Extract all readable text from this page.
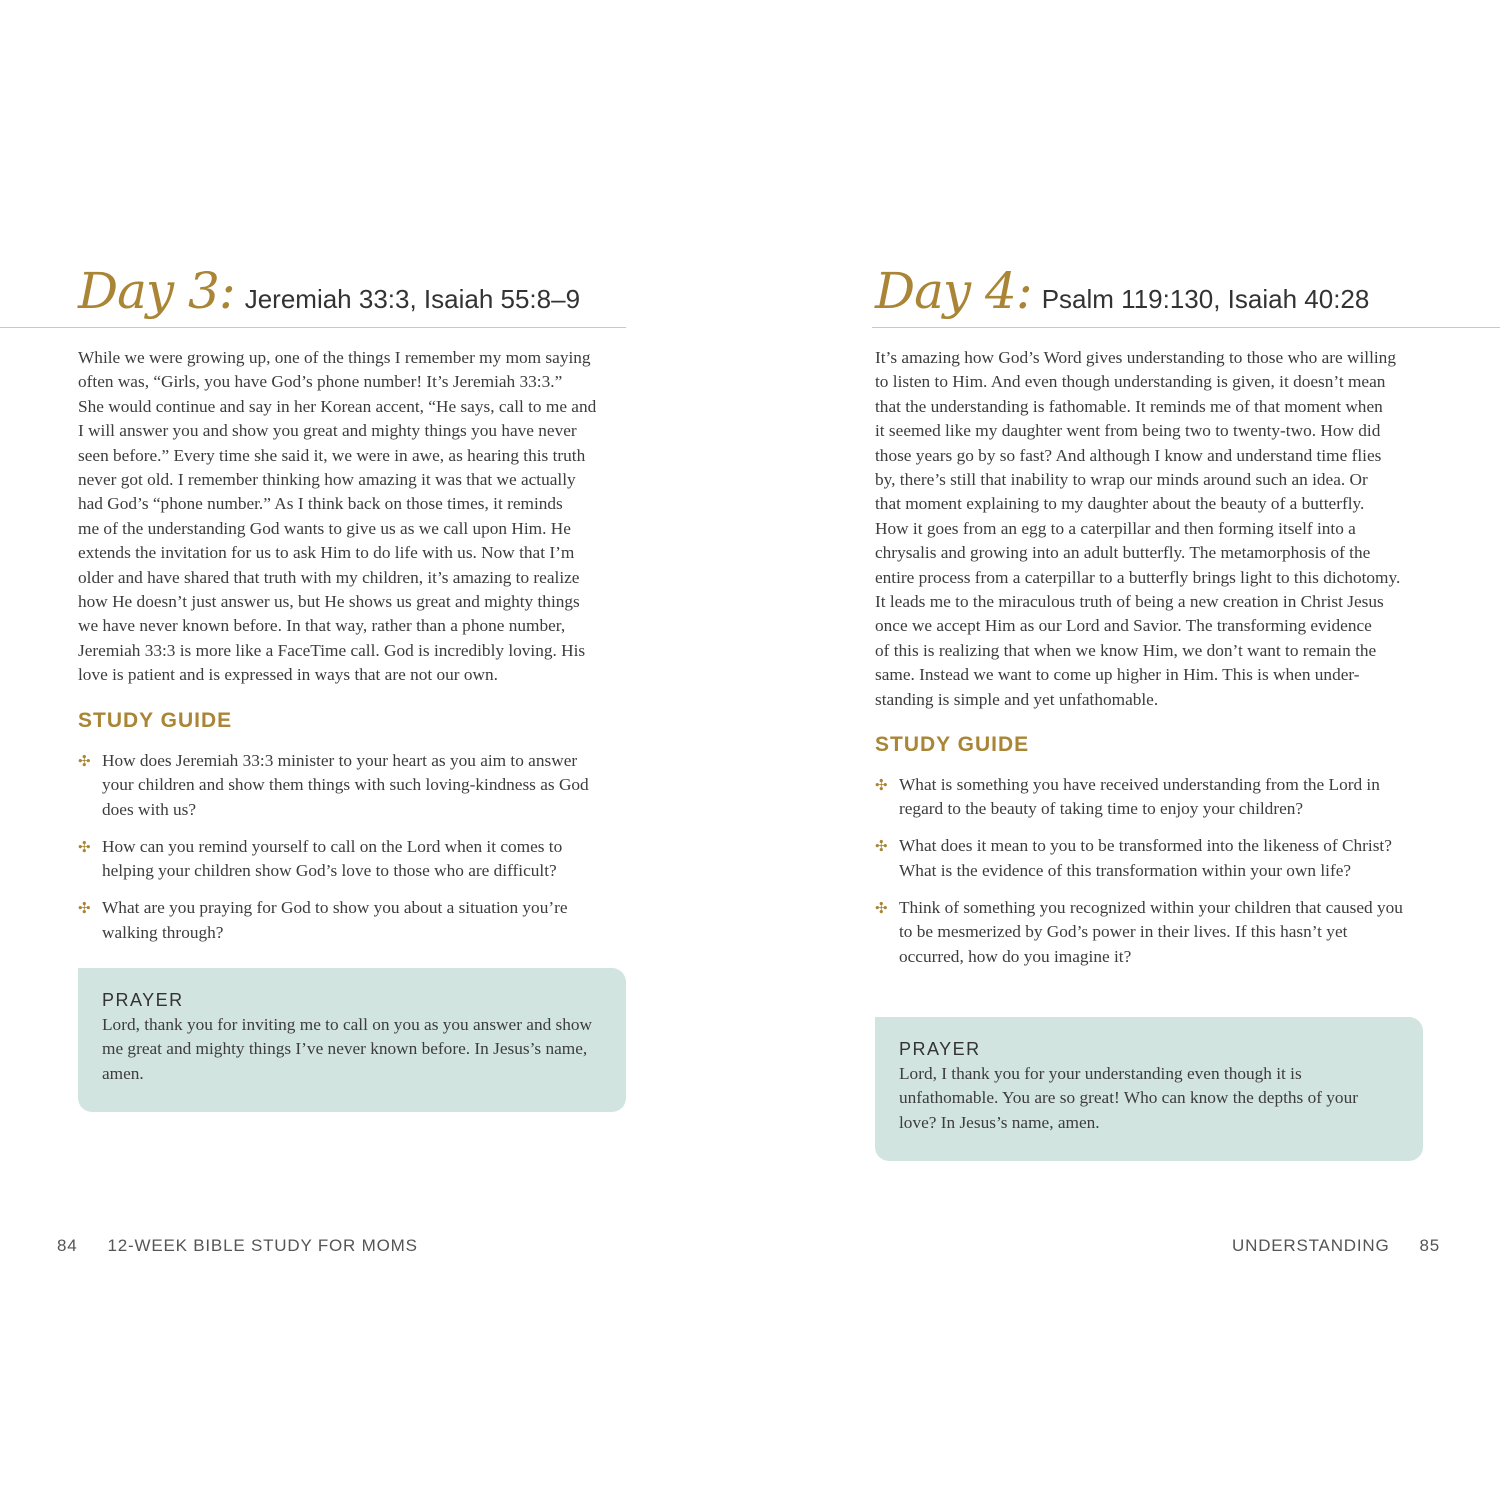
Day 3: Jeremiah 33:3, Isaiah 55:8–9

While we were growing up, one of the things I remember my mom saying
often was, “Girls, you have God’s phone number! It’s Jeremiah 33:3.”
She would continue and say in her Korean accent, “He says, call to me and
I will answer you and show you great and mighty things you have never
seen before.” Every time she said it, we were in awe, as hearing this truth
never got old. I remember thinking how amazing it was that we actually
had God’s “phone number.” As I think back on those times, it reminds
me of the understanding God wants to give us as we call upon Him. He
extends the invitation for us to ask Him to do life with us. Now that I’m
older and have shared that truth with my children, it’s amazing to realize
how He doesn’t just answer us, but He shows us great and mighty things
we have never known before. In that way, rather than a phone number,
Jeremiah 33:3 is more like a FaceTime call. God is incredibly loving. His
love is patient and is expressed in ways that are not our own.

STUDY GUIDE
✣ How does Jeremiah 33:3 minister to your heart as you aim to answer your children and show them things with such loving-kindness as God does with us?
✣ How can you remind yourself to call on the Lord when it comes to helping your children show God’s love to those who are difficult?
✣ What are you praying for God to show you about a situation you’re walking through?

PRAYER

Lord, thank you for inviting me to call on you as you answer and show me great and mighty things I’ve never known before. In Jesus’s name, amen.

84 12-WEEK BIBLE STUDY FOR MOMS
Day 4: Psalm 119:130, Isaiah 40:28

It’s amazing how God’s Word gives understanding to those who are willing
to listen to Him. And even though understanding is given, it doesn’t mean
that the understanding is fathomable. It reminds me of that moment when
it seemed like my daughter went from being two to twenty-two. How did
those years go by so fast? And although I know and understand time flies
by, there’s still that inability to wrap our minds around such an idea. Or
that moment explaining to my daughter about the beauty of a butterfly.
How it goes from an egg to a caterpillar and then forming itself into a
chrysalis and growing into an adult butterfly. The metamorphosis of the
entire process from a caterpillar to a butterfly brings light to this dichotomy.
It leads me to the miraculous truth of being a new creation in Christ Jesus
once we accept Him as our Lord and Savior. The transforming evidence
of this is realizing that when we know Him, we don’t want to remain the
same. Instead we want to come up higher in Him. This is when under-
standing is simple and yet unfathomable.

STUDY GUIDE
✣ What is something you have received understanding from the Lord in regard to the beauty of taking time to enjoy your children?
✣ What does it mean to you to be transformed into the likeness of Christ? What is the evidence of this transformation within your own life?
✣ Think of something you recognized within your children that caused you to be mesmerized by God’s power in their lives. If this hasn’t yet occurred, how do you imagine it?

PRAYER

Lord, I thank you for your understanding even though it is unfathomable. You are so great! Who can know the depths of your love? In Jesus’s name, amen.

UNDERSTANDING 85
